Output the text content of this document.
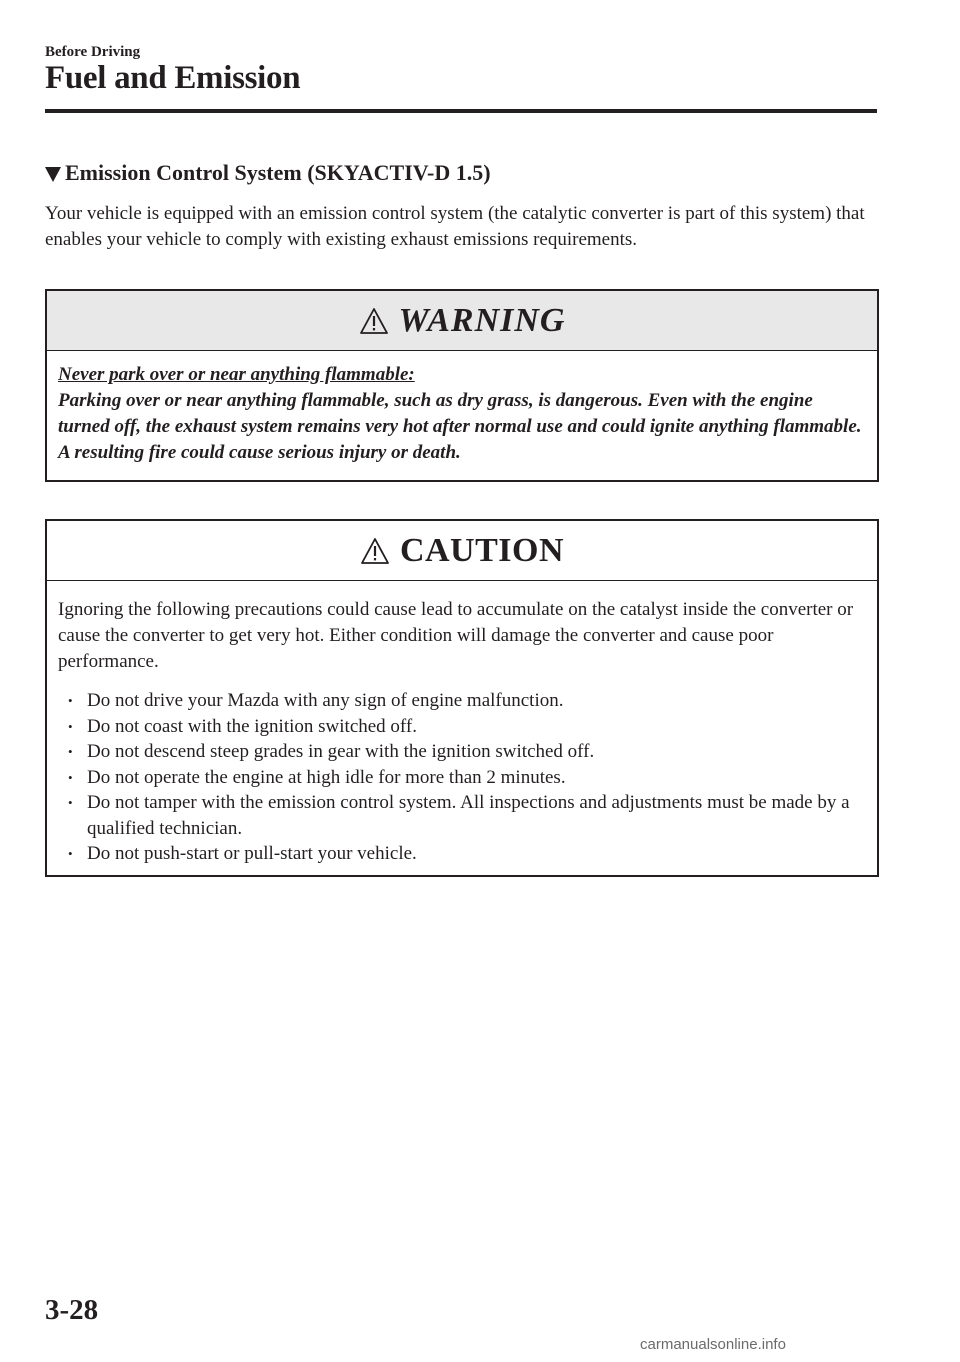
Before Driving
Fuel and Emission
Emission Control System (SKYACTIV-D 1.5)
Your vehicle is equipped with an emission control system (the catalytic converter is part of this system) that enables your vehicle to comply with existing exhaust emissions requirements.
WARNING
Never park over or near anything flammable:
Parking over or near anything flammable, such as dry grass, is dangerous. Even with the engine turned off, the exhaust system remains very hot after normal use and could ignite anything flammable. A resulting fire could cause serious injury or death.
CAUTION
Ignoring the following precautions could cause lead to accumulate on the catalyst inside the converter or cause the converter to get very hot. Either condition will damage the converter and cause poor performance.
• Do not drive your Mazda with any sign of engine malfunction.
• Do not coast with the ignition switched off.
• Do not descend steep grades in gear with the ignition switched off.
• Do not operate the engine at high idle for more than 2 minutes.
• Do not tamper with the emission control system. All inspections and adjustments must be made by a qualified technician.
• Do not push-start or pull-start your vehicle.
3-28
carmanualsonline.info
